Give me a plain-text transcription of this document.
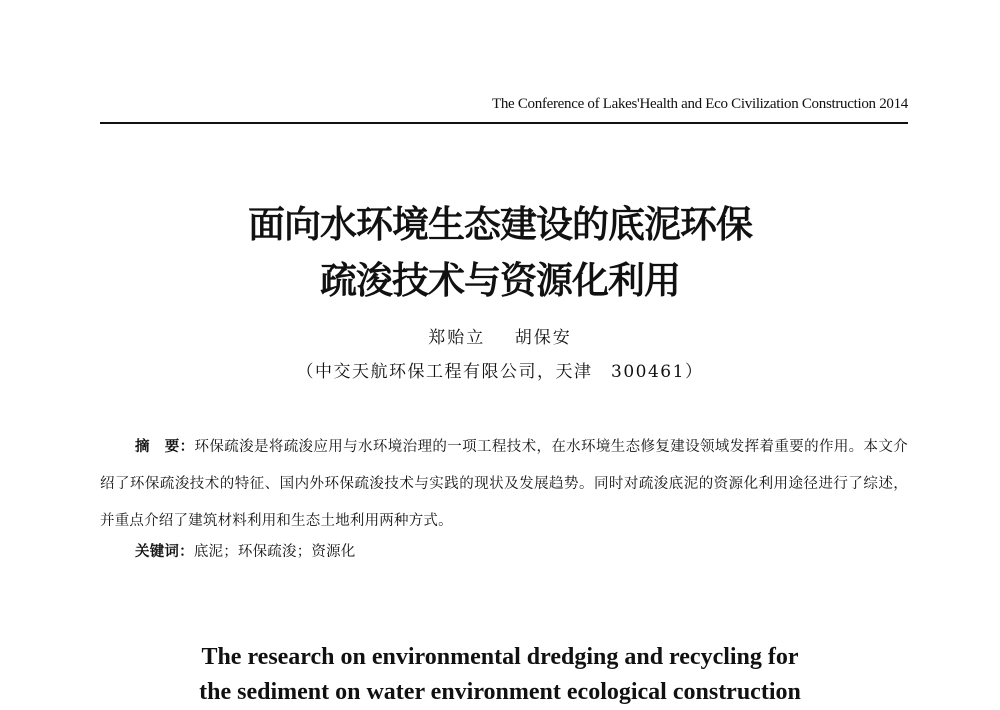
The Conference of Lakes'Health and Eco Civilization Construction 2014
面向水环境生态建设的底泥环保
疏浚技术与资源化利用
郑贻立 胡保安
（中交天航环保工程有限公司，天津　300461）
摘　要：环保疏浚是将疏浚应用与水环境治理的一项工程技术，在水环境生态修复建设领域发挥着重要的作用。本文介绍了环保疏浚技术的特征、国内外环保疏浚技术与实践的现状及发展趋势。同时对疏浚底泥的资源化利用途径进行了综述，并重点介绍了建筑材料利用和生态土地利用两种方式。
关键词：底泥；环保疏浚；资源化
The research on environmental dredging and recycling for
the sediment on water environment ecological construction
